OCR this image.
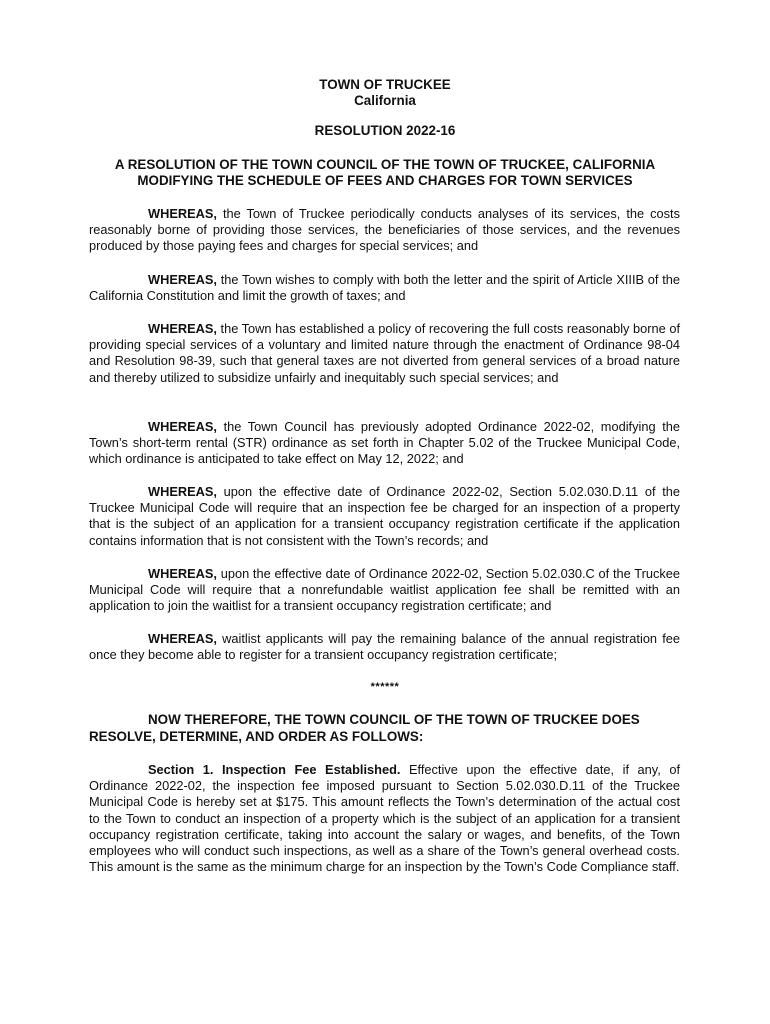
TOWN OF TRUCKEE
California
RESOLUTION 2022-16
A RESOLUTION OF THE TOWN COUNCIL OF THE TOWN OF TRUCKEE, CALIFORNIA MODIFYING THE SCHEDULE OF FEES AND CHARGES FOR TOWN SERVICES

WHEREAS, the Town of Truckee periodically conducts analyses of its services, the costs reasonably borne of providing those services, the beneficiaries of those services, and the revenues produced by those paying fees and charges for special services; and

WHEREAS, the Town wishes to comply with both the letter and the spirit of Article XIIIB of the California Constitution and limit the growth of taxes; and

WHEREAS, the Town has established a policy of recovering the full costs reasonably borne of providing special services of a voluntary and limited nature through the enactment of Ordinance 98-04 and Resolution 98-39, such that general taxes are not diverted from general services of a broad nature and thereby utilized to subsidize unfairly and inequitably such special services; and

WHEREAS, the Town Council has previously adopted Ordinance 2022-02, modifying the Town’s short-term rental (STR) ordinance as set forth in Chapter 5.02 of the Truckee Municipal Code, which ordinance is anticipated to take effect on May 12, 2022; and

WHEREAS, upon the effective date of Ordinance 2022-02, Section 5.02.030.D.11 of the Truckee Municipal Code will require that an inspection fee be charged for an inspection of a property that is the subject of an application for a transient occupancy registration certificate if the application contains information that is not consistent with the Town’s records; and

WHEREAS, upon the effective date of Ordinance 2022-02, Section 5.02.030.C of the Truckee Municipal Code will require that a nonrefundable waitlist application fee shall be remitted with an application to join the waitlist for a transient occupancy registration certificate; and

WHEREAS, waitlist applicants will pay the remaining balance of the annual registration fee once they become able to register for a transient occupancy registration certificate;

******

NOW THEREFORE, THE TOWN COUNCIL OF THE TOWN OF TRUCKEE DOES RESOLVE, DETERMINE, AND ORDER AS FOLLOWS:

Section 1. Inspection Fee Established. Effective upon the effective date, if any, of Ordinance 2022-02, the inspection fee imposed pursuant to Section 5.02.030.D.11 of the Truckee Municipal Code is hereby set at $175. This amount reflects the Town’s determination of the actual cost to the Town to conduct an inspection of a property which is the subject of an application for a transient occupancy registration certificate, taking into account the salary or wages, and benefits, of the Town employees who will conduct such inspections, as well as a share of the Town’s general overhead costs. This amount is the same as the minimum charge for an inspection by the Town’s Code Compliance staff.
